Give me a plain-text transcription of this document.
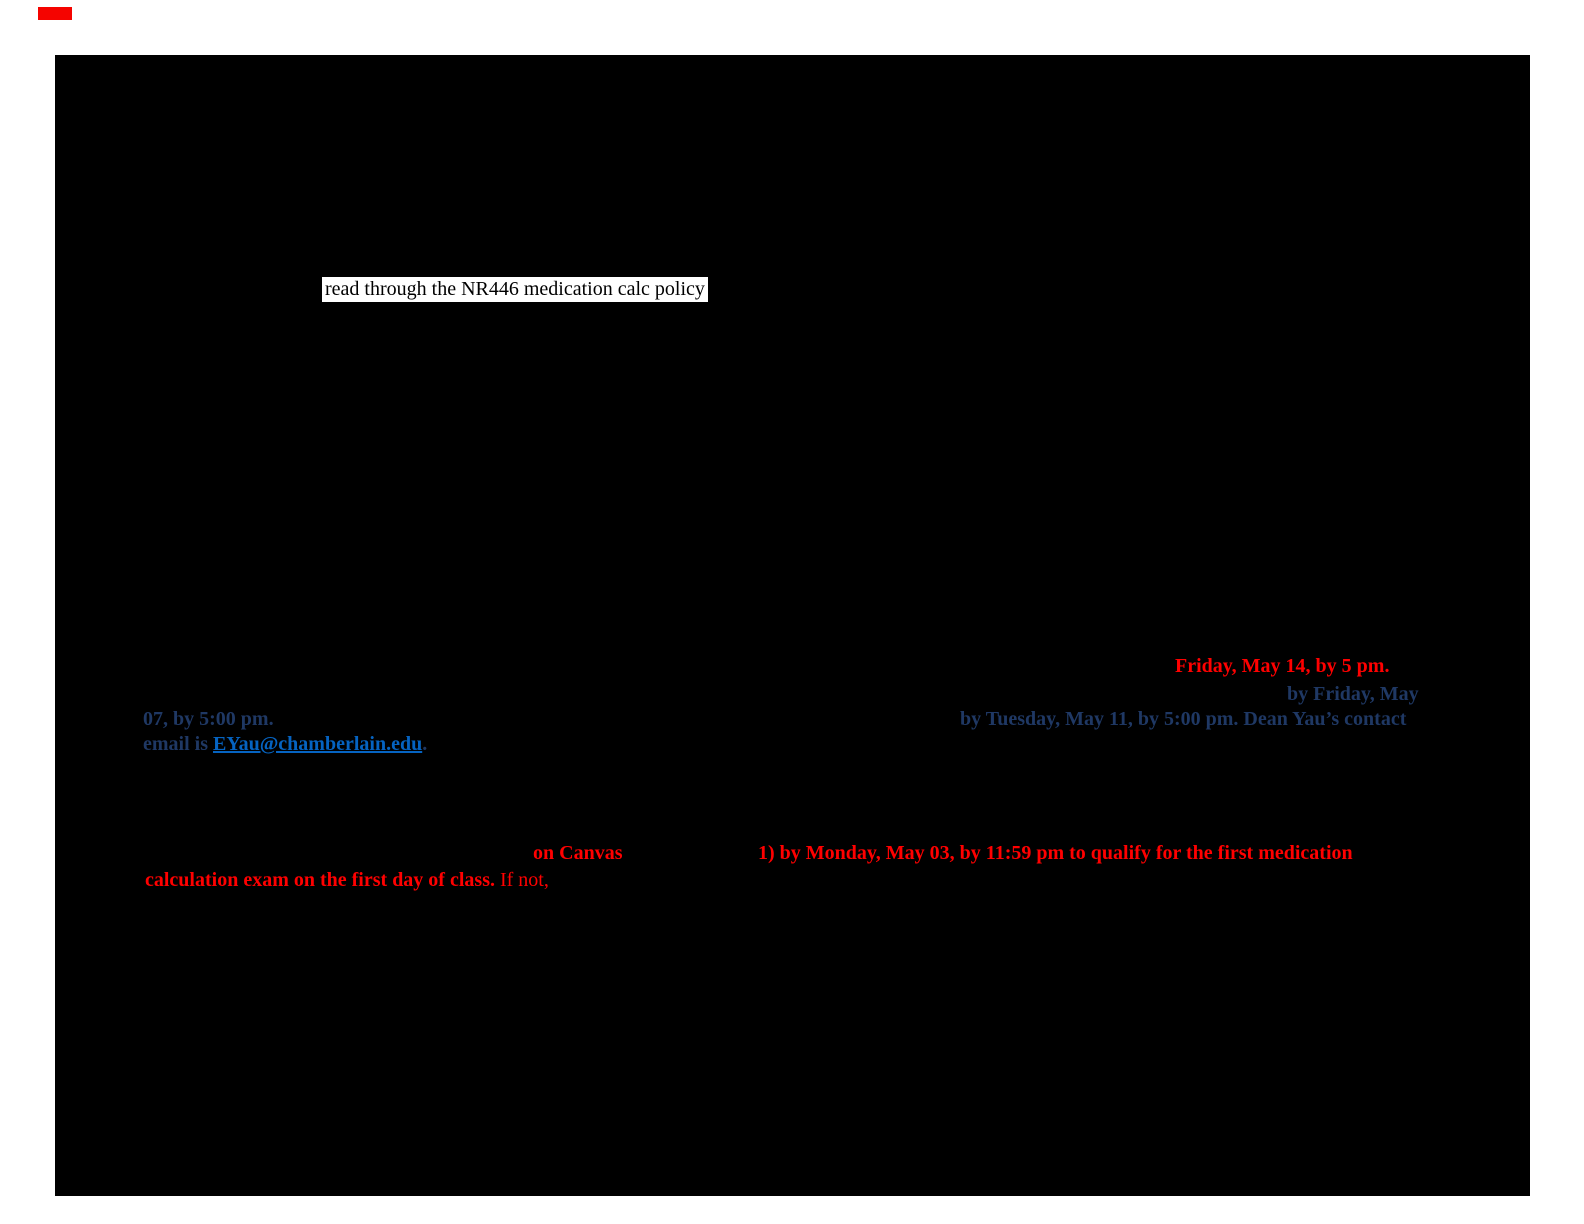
read through the NR446 medication calc policy
Friday, May 14, by 5 pm.
by Friday, May
07, by 5:00 pm.	by Tuesday, May 11, by 5:00 pm. Dean Yau’s contact
email is EYau@chamberlain.edu.
on Canvas	1) by Monday, May 03, by 11:59 pm to qualify for the first medication
calculation exam on the first day of class. If not,
